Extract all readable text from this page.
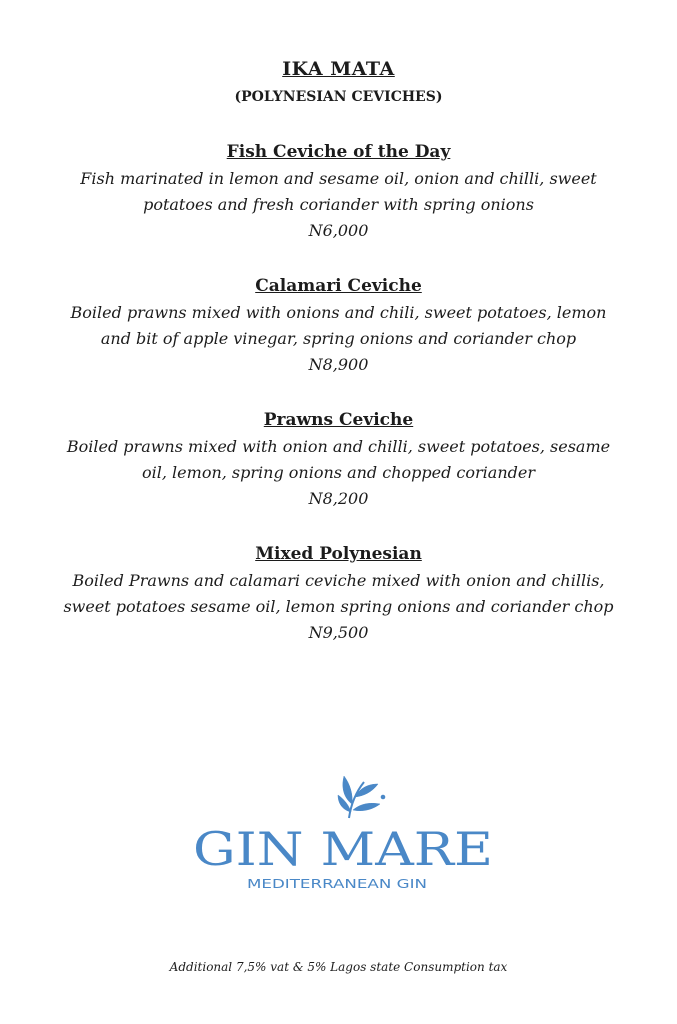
IKA MATA
(POLYNESIAN CEVICHES)
Fish Ceviche of the Day
Fish marinated in lemon and sesame oil, onion and chilli, sweet
potatoes and fresh coriander with spring onions
N6,000
Calamari Ceviche
Boiled prawns mixed with onions and chili, sweet potatoes, lemon
and bit of apple vinegar, spring onions and coriander chop
N8,900
Prawns Ceviche
Boiled prawns mixed with onion and chilli, sweet potatoes, sesame
oil, lemon, spring onions and chopped coriander
N8,200
Mixed Polynesian
Boiled Prawns and calamari ceviche mixed with onion and chillis,
sweet potatoes sesame oil, lemon spring onions and coriander chop
N9,500
GIN MARE
MEDITERRANEAN GIN
Additional 7,5% vat & 5% Lagos state Consumption tax
